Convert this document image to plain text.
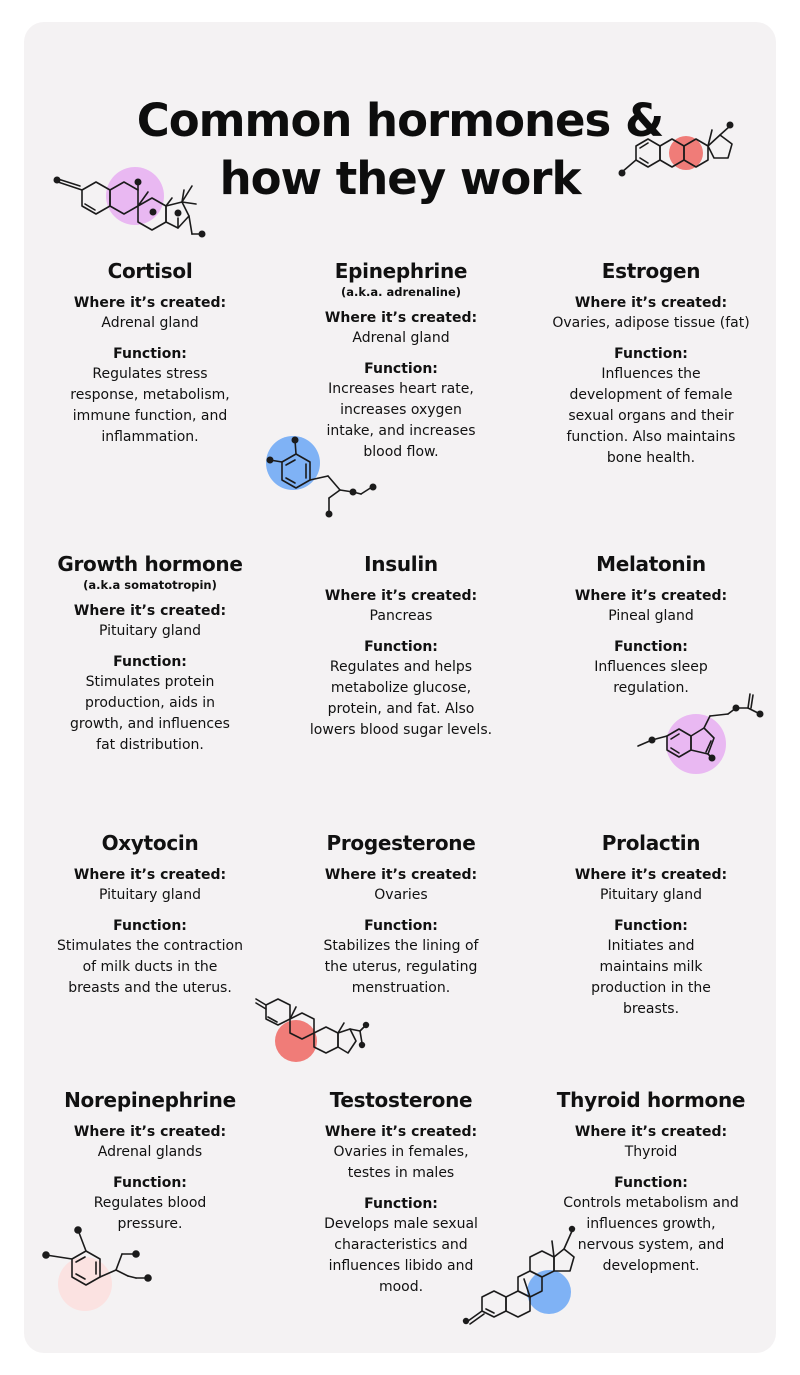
Common hormones &
how they work
Cortisol
Where it’s created:
Adrenal gland
Function:
Regulates stress response, metabolism, immune function, and inflammation.
Epinephrine
(a.k.a. adrenaline)
Where it’s created:
Adrenal gland
Function:
Increases heart rate, increases oxygen intake, and increases blood flow.
Estrogen
Where it’s created:
Ovaries, adipose tissue (fat)
Function:
Influences the development of female sexual organs and their function. Also maintains bone health.
Growth hormone
(a.k.a somatotropin)
Where it’s created:
Pituitary gland
Function:
Stimulates protein production, aids in growth, and influences fat distribution.
Insulin
Where it’s created:
Pancreas
Function:
Regulates and helps metabolize glucose, protein, and fat. Also lowers blood sugar levels.
Melatonin
Where it’s created:
Pineal gland
Function:
Influences sleep regulation.
Oxytocin
Where it’s created:
Pituitary gland
Function:
Stimulates the contraction of milk ducts in the breasts and the uterus.
Progesterone
Where it’s created:
Ovaries
Function:
Stabilizes the lining of the uterus, regulating menstruation.
Prolactin
Where it’s created:
Pituitary gland
Function:
Initiates and maintains milk production in the breasts.
Norepinephrine
Where it’s created:
Adrenal glands
Function:
Regulates blood pressure.
Testosterone
Where it’s created:
Ovaries in females, testes in males
Function:
Develops male sexual characteristics and influences libido and mood.
Thyroid hormone
Where it’s created:
Thyroid
Function:
Controls metabolism and influences growth, nervous system, and development.
